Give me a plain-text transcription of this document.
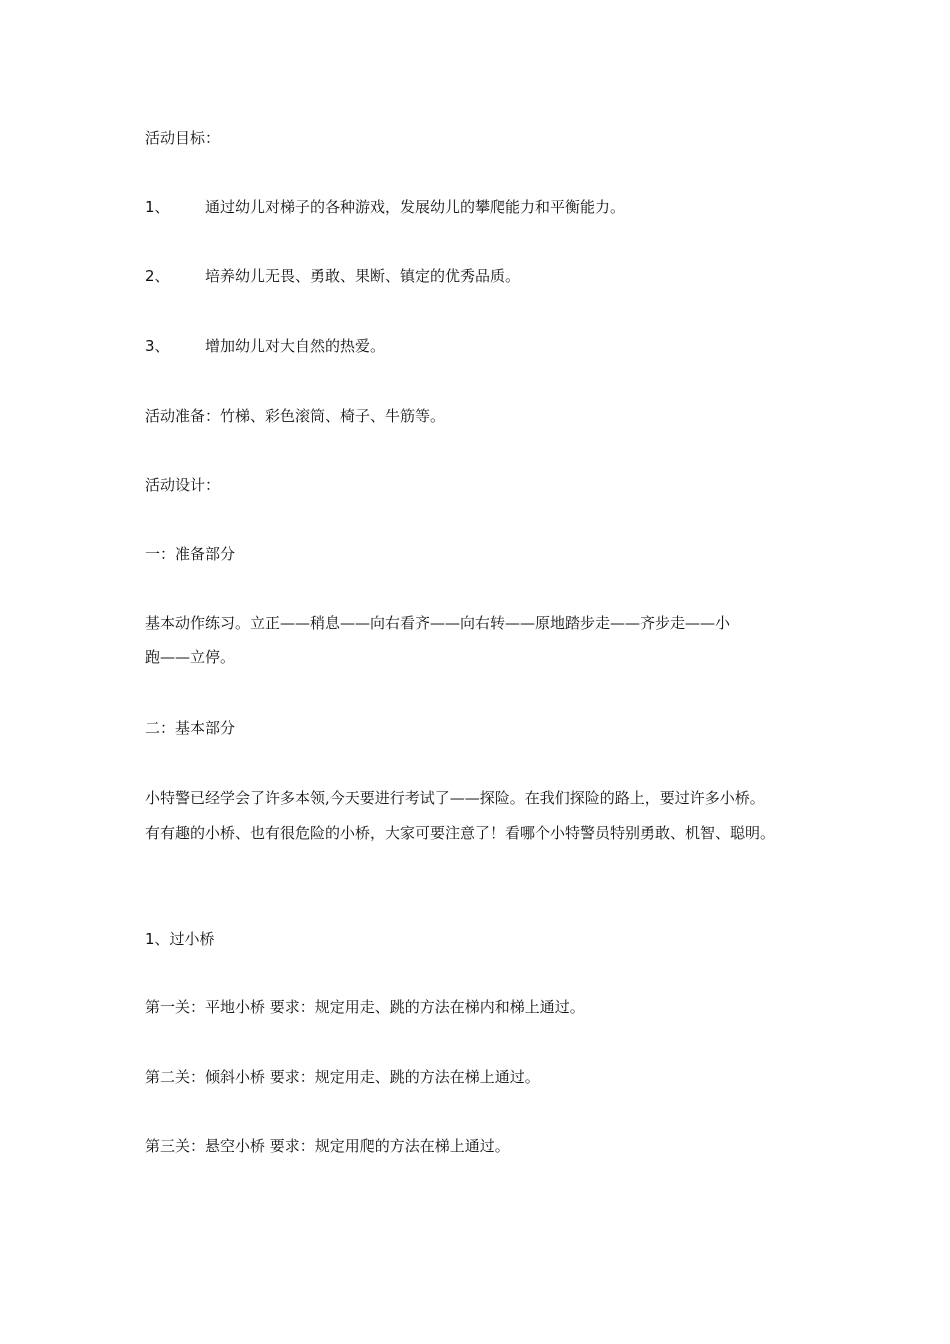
活动目标：
1、 通过幼儿对梯子的各种游戏，发展幼儿的攀爬能力和平衡能力。
2、 培养幼儿无畏、勇敢、果断、镇定的优秀品质。
3、 增加幼儿对大自然的热爱。
活动准备：竹梯、彩色滚筒、椅子、牛筋等。
活动设计：
一：准备部分
基本动作练习。立正——稍息——向右看齐——向右转——原地踏步走——齐步走——小
跑——立停。
二：基本部分
小特警已经学会了许多本领,今天要进行考试了——探险。在我们探险的路上，要过许多小桥。
有有趣的小桥、也有很危险的小桥，大家可要注意了！看哪个小特警员特别勇敢、机智、聪明。
1、过小桥
第一关：平地小桥 要求：规定用走、跳的方法在梯内和梯上通过。
第二关：倾斜小桥 要求：规定用走、跳的方法在梯上通过。
第三关：悬空小桥 要求：规定用爬的方法在梯上通过。
